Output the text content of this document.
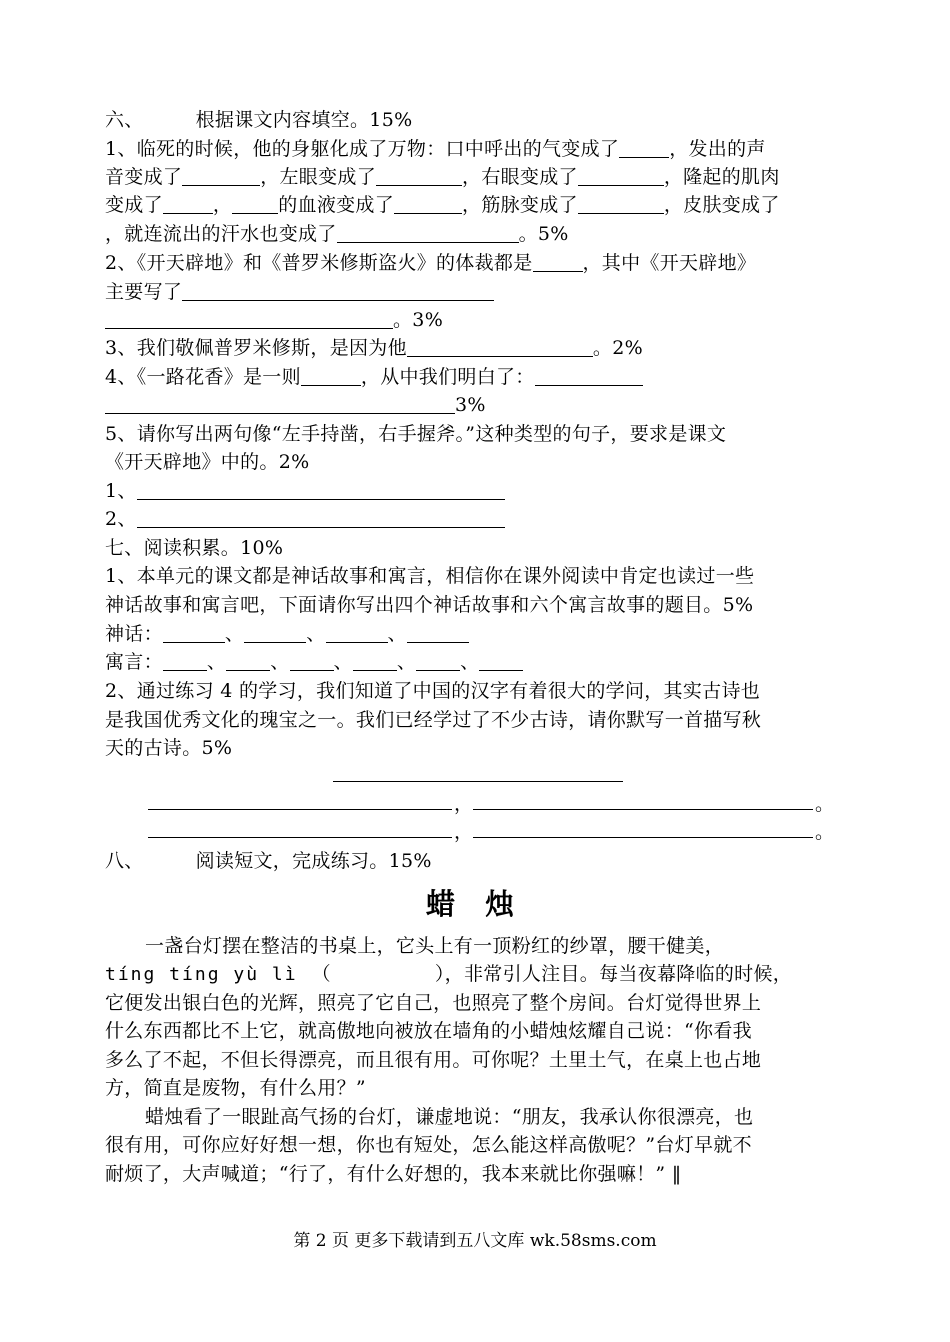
六、	根据课文内容填空。15%
1、临死的时候，他的身躯化成了万物：口中呼出的气变成了	，发出的声
音变成了	，左眼变成了	，右眼变成了	，隆起的肌肉
变成了	， 的血液变成了	，筋脉变成了	，皮肤变成了
，就连流出的汗水也变成了	。5%
2、《开天辟地》和《普罗米修斯盗火》的体裁都是	，其中《开天辟地》
主要写了
。3%
3、我们敬佩普罗米修斯，是因为他	。2%
4、《一路花香》是一则	，从中我们明白了：
3%
5、请你写出两句像“左手持凿，右手握斧。”这种类型的句子，要求是课文
《开天辟地》中的。2%
1、
2、
七、阅读积累。10%
1、本单元的课文都是神话故事和寓言，相信你在课外阅读中肯定也读过一些
神话故事和寓言吧，下面请你写出四个神话故事和六个寓言故事的题目。5%
神话：	、	、	、
寓言： 、 、 、 、 、
2、通过练习 4 的学习，我们知道了中国的汉字有着很大的学问，其实古诗也
是我国优秀文化的瑰宝之一。我们已经学过了不少古诗，请你默写一首描写秋
天的古诗。5%
，	。
，	。
八、	阅读短文，完成练习。15%
蜡 烛
一盏台灯摆在整洁的书桌上，它头上有一顶粉红的纱罩，腰干健美，
tíng tíng yù lì （	），非常引人注目。每当夜幕降临的时候，
它便发出银白色的光辉，照亮了它自己，也照亮了整个房间。台灯觉得世界上
什么东西都比不上它，就高傲地向被放在墙角的小蜡烛炫耀自己说：“你看我
多么了不起，不但长得漂亮，而且很有用。可你呢？土里土气，在桌上也占地
方，简直是废物，有什么用？”
蜡烛看了一眼趾高气扬的台灯，谦虚地说：“朋友，我承认你很漂亮，也
很有用，可你应好好想一想，你也有短处，怎么能这样高傲呢？”台灯早就不
耐烦了，大声喊道；“行了，有什么好想的，我本来就比你强嘛！” ‖
第 2 页 更多下载请到五八文库 wk.58sms.com
